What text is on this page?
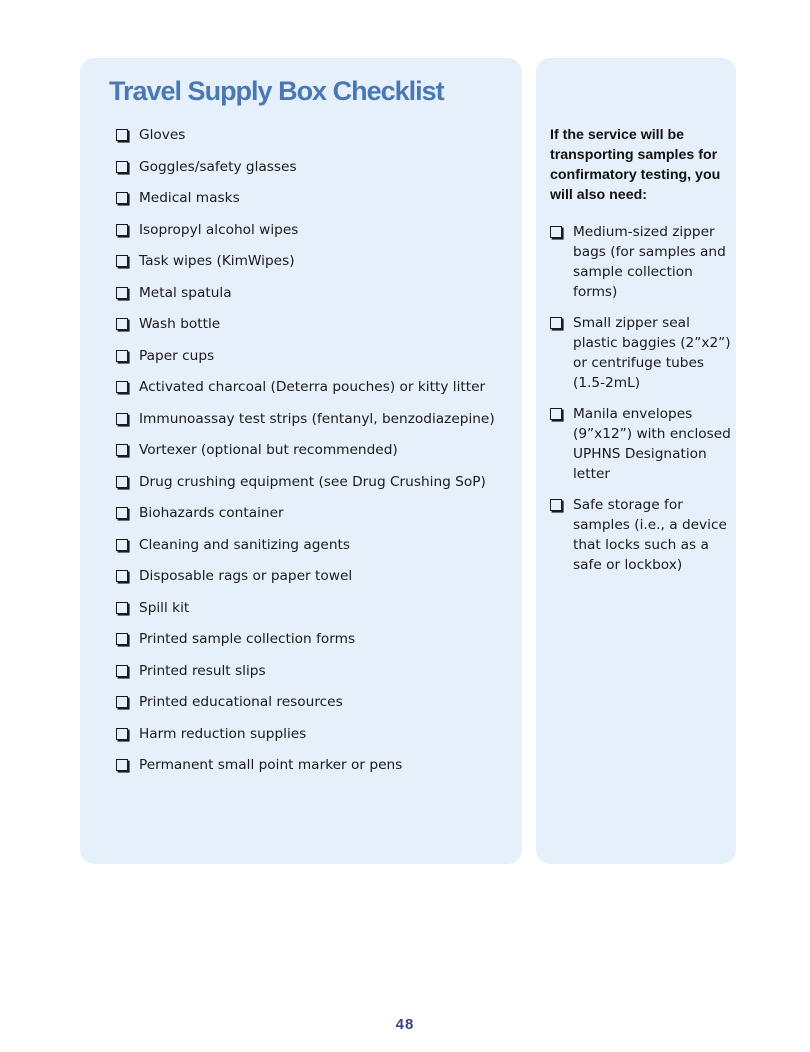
Travel Supply Box Checklist
Gloves
Goggles/safety glasses
Medical masks
Isopropyl alcohol wipes
Task wipes (KimWipes)
Metal spatula
Wash bottle
Paper cups
Activated charcoal (Deterra pouches) or kitty litter
Immunoassay test strips (fentanyl, benzodiazepine)
Vortexer (optional but recommended)
Drug crushing equipment (see Drug Crushing SoP)
Biohazards container
Cleaning and sanitizing agents
Disposable rags or paper towel
Spill kit
Printed sample collection forms
Printed result slips
Printed educational resources
Harm reduction supplies
Permanent small point marker or pens

If the service will be transporting samples for confirmatory testing, you will also need:

Medium-sized zipper bags (for samples and sample collection forms)
Small zipper seal plastic baggies (2”x2”) or centrifuge tubes (1.5-2mL)
Manila envelopes (9”x12”) with enclosed UPHNS Designation letter
Safe storage for samples (i.e., a device that locks such as a safe or lockbox)
48
